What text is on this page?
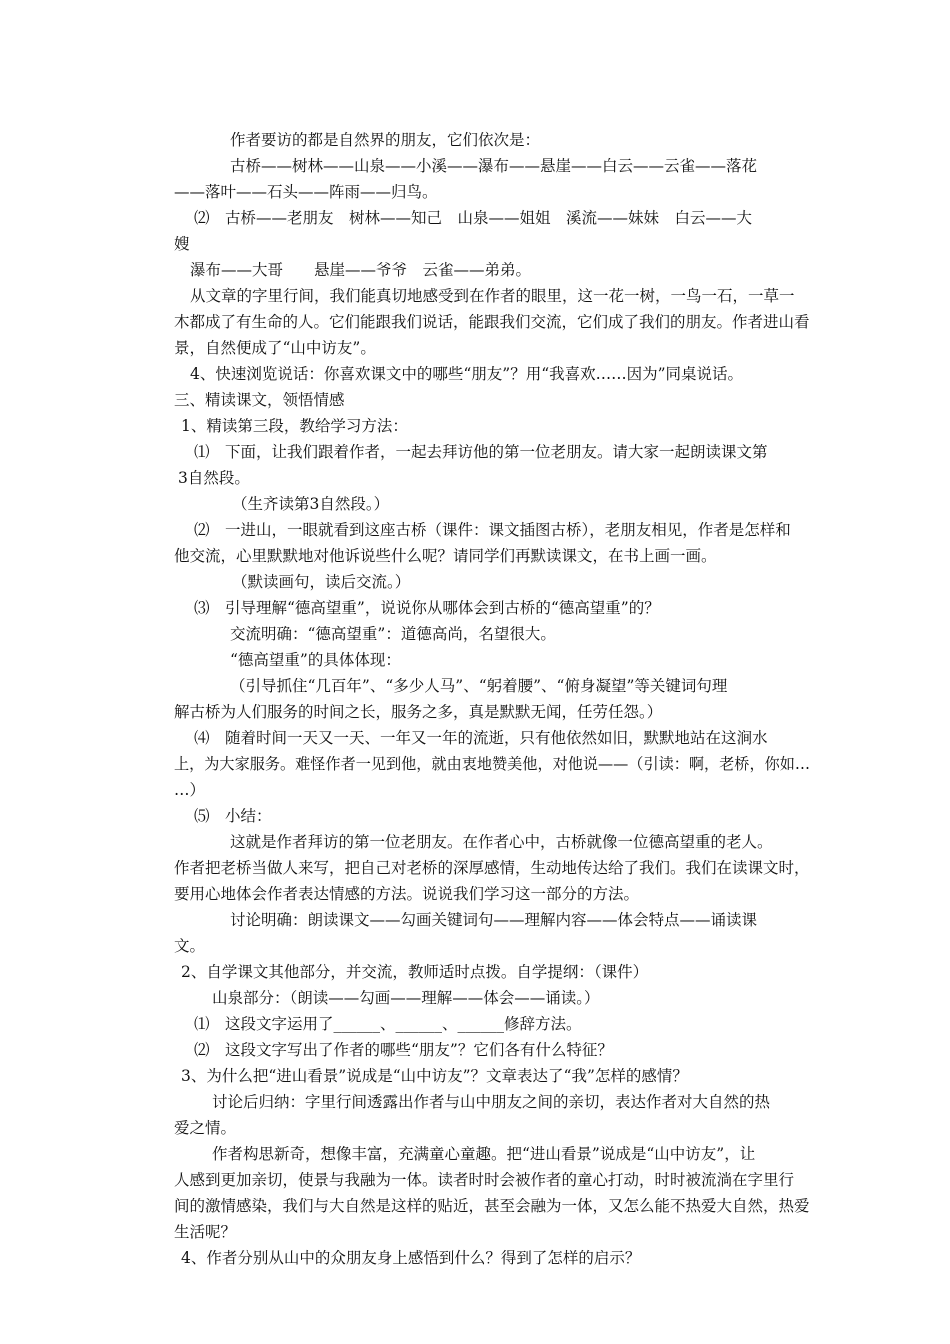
作者要访的都是自然界的朋友，它们依次是：
古桥——树林——山泉——小溪——瀑布——悬崖——白云——云雀——落花
——落叶——石头——阵雨——归鸟。
⑵　古桥——老朋友　树林——知己　山泉——姐姐　溪流——妹妹　白云——大
嫂
瀑布——大哥　　悬崖——爷爷　云雀——弟弟。
从文章的字里行间，我们能真切地感受到在作者的眼里，这一花一树，一鸟一石，一草一
木都成了有生命的人。它们能跟我们说话，能跟我们交流，它们成了我们的朋友。作者进山看
景，自然便成了“山中访友”。
4、快速浏览说话：你喜欢课文中的哪些“朋友”？用“我喜欢……因为”同桌说话。
三、精读课文，领悟情感
1、精读第三段，教给学习方法：
⑴　下面，让我们跟着作者，一起去拜访他的第一位老朋友。请大家一起朗读课文第
3自然段。
（生齐读第3自然段。）
⑵　一进山，一眼就看到这座古桥（课件：课文插图古桥），老朋友相见，作者是怎样和
他交流，心里默默地对他诉说些什么呢？请同学们再默读课文，在书上画一画。
（默读画句，读后交流。）
⑶　引导理解“德高望重”，说说你从哪体会到古桥的“德高望重”的？
交流明确：“德高望重”：道德高尚，名望很大。
“德高望重”的具体体现：
（引导抓住“几百年”、“多少人马”、“躬着腰”、“俯身凝望”等关键词句理
解古桥为人们服务的时间之长，服务之多，真是默默无闻，任劳任怨。）
⑷　随着时间一天又一天、一年又一年的流逝，只有他依然如旧，默默地站在这涧水
上，为大家服务。难怪作者一见到他，就由衷地赞美他，对他说——（引读：啊，老桥，你如…
…）
⑸　小结：
这就是作者拜访的第一位老朋友。在作者心中，古桥就像一位德高望重的老人。
作者把老桥当做人来写，把自己对老桥的深厚感情，生动地传达给了我们。我们在读课文时，
要用心地体会作者表达情感的方法。说说我们学习这一部分的方法。
讨论明确：朗读课文——勾画关键词句——理解内容——体会特点——诵读课
文。
2、自学课文其他部分，并交流，教师适时点拨。自学提纲：（课件）
山泉部分：（朗读——勾画——理解——体会——诵读。）
⑴　这段文字运用了______、______、______修辞方法。
⑵　这段文字写出了作者的哪些“朋友”？它们各有什么特征？
3、为什么把“进山看景”说成是“山中访友”？文章表达了“我”怎样的感情？
讨论后归纳：字里行间透露出作者与山中朋友之间的亲切，表达作者对大自然的热
爱之情。
作者构思新奇，想像丰富，充满童心童趣。把“进山看景”说成是“山中访友”，让
人感到更加亲切，使景与我融为一体。读者时时会被作者的童心打动，时时被流淌在字里行
间的激情感染，我们与大自然是这样的贴近，甚至会融为一体，又怎么能不热爱大自然，热爱
生活呢？
4、作者分别从山中的众朋友身上感悟到什么？得到了怎样的启示？
